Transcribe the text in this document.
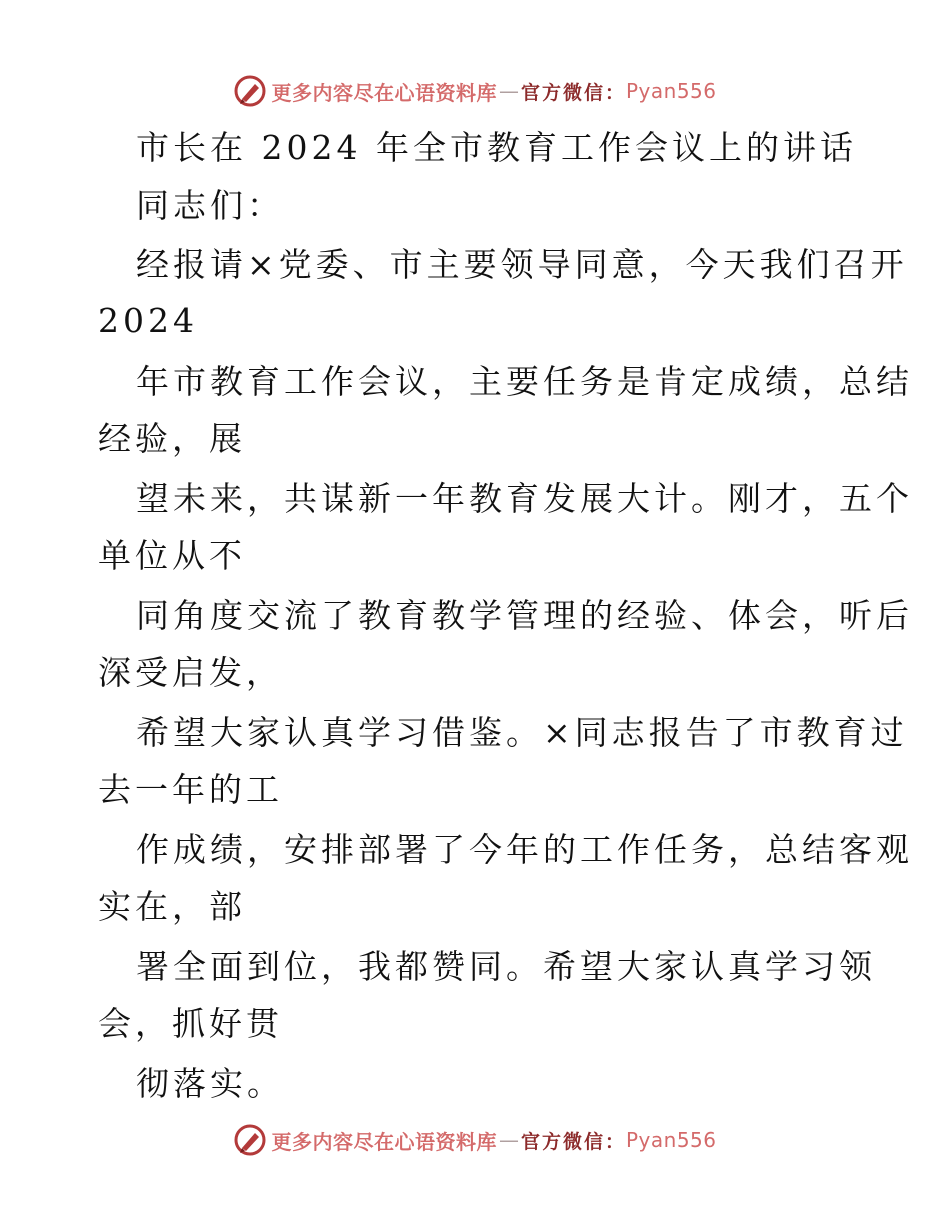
更多内容尽在心语资料库 — 官方微信： Pyan556
市长在 2024 年全市教育工作会议上的讲话
同志们：
经报请×党委、市主要领导同意，今天我们召开
2024
年市教育工作会议，主要任务是肯定成绩，总结
经验，展
望未来，共谋新一年教育发展大计。刚才，五个
单位从不
同角度交流了教育教学管理的经验、体会，听后
深受启发，
希望大家认真学习借鉴。×同志报告了市教育过
去一年的工
作成绩，安排部署了今年的工作任务，总结客观
实在，部
署全面到位，我都赞同。希望大家认真学习领
会，抓好贯
彻落实。
更多内容尽在心语资料库 — 官方微信： Pyan556
